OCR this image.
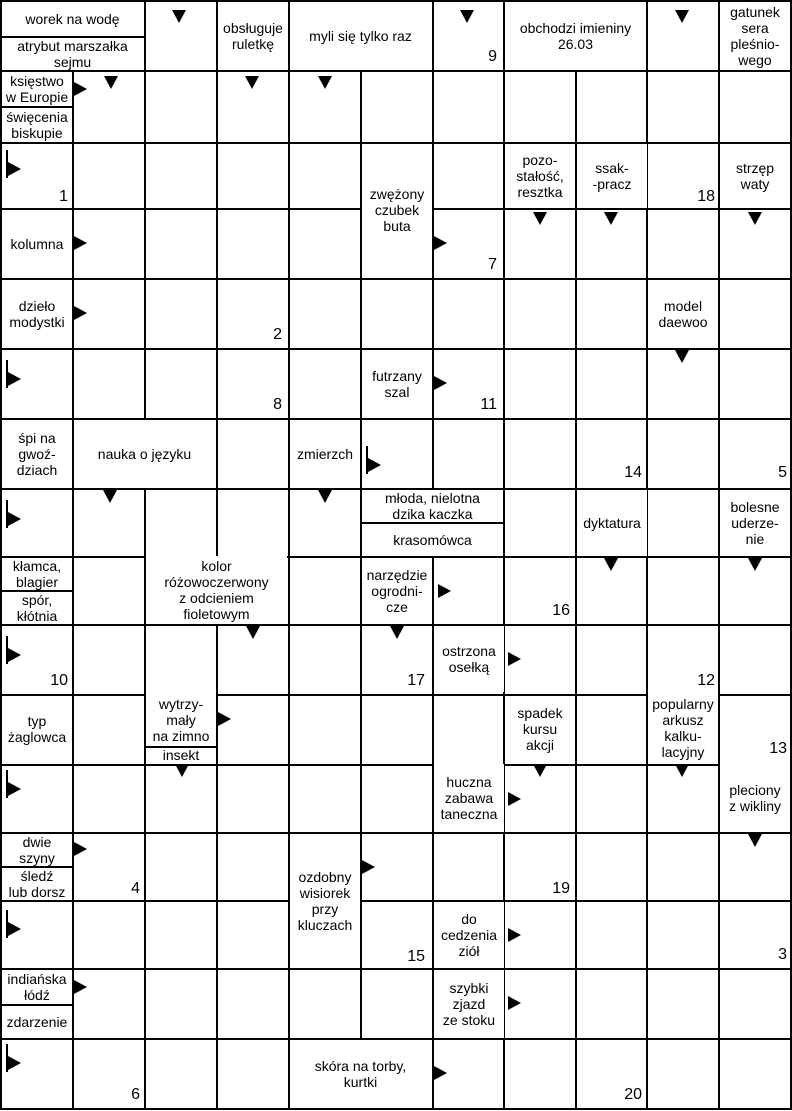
worek na wodę
atrybut marszałka
sejmu
obsługuje
ruletkę	myli się tylko raz	obchodzi imieniny
26.03
gatunek
sera
pleśnio-
wego
księstwo
w Europie
święcenia
biskupie
pozo-
stałość,
resztka
ssak-
-pracz
strzęp
waty
zwężony
czubek
buta
kolumna
dzieło
modystki
model
daewoo
futrzany
szal
śpi na
gwoź-
dziach
nauka o języku	zmierzch
młoda, nielotna
dzika kaczka
krasomówca
dyktatura
bolesne
uderze-
nie
kłamca,
blagier
spór,
kłótnia
kolor
różowoczerwony
z odcieniem
fioletowym
narzędzie
ogrodni-
cze
ostrzona
osełką
typ
żaglowca
wytrzy-
mały
na zimno
insekt
spadek
kursu
akcji
popularny
arkusz
kalku-
lacyjny
huczna
zabawa
taneczna
pleciony
z wikliny
dwie
szyny
śledź
lub dorsz
ozdobny
wisiorek
przy
kluczach	do
cedzenia
ziół
indiańska
łódź
zdarzenie
szybki
zjazd
ze stoku
skóra na torby,
kurtki
1
2
3
4
5
6
7
8
9
10
11
12
13
14
15
16
17
18
19
20
